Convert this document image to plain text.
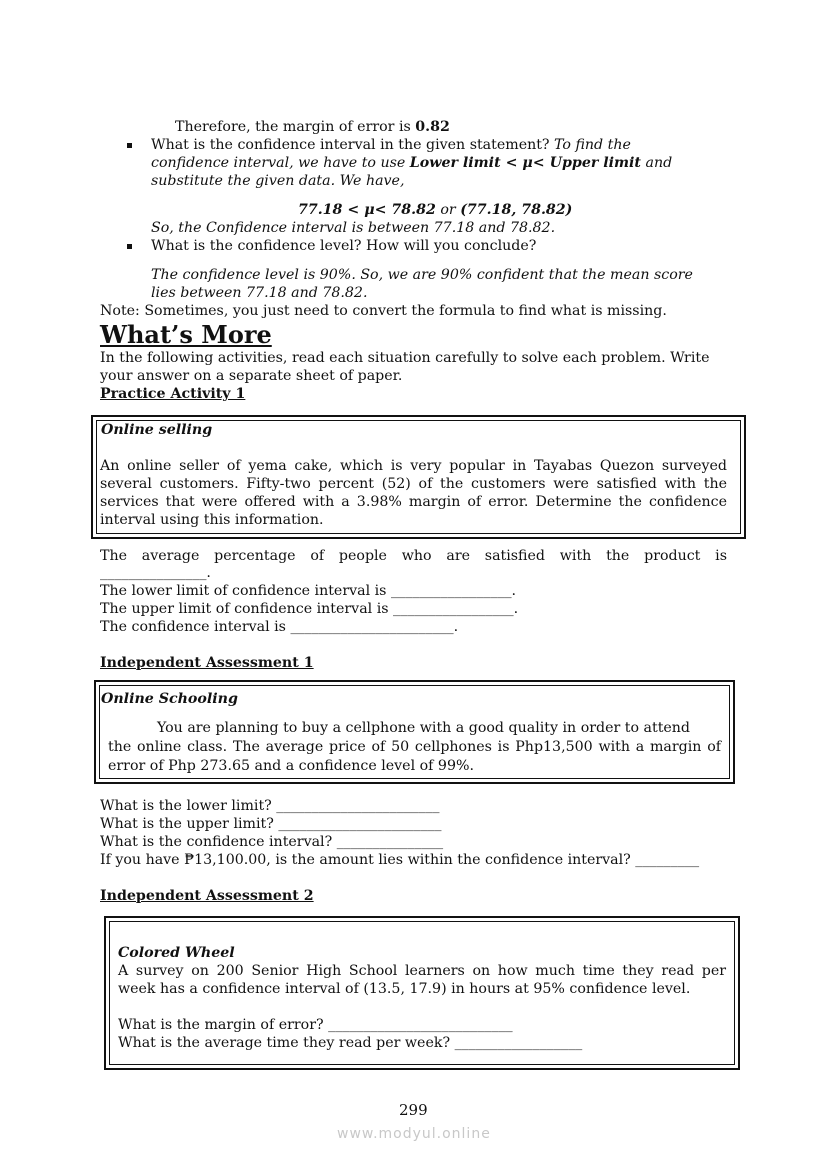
Therefore, the margin of error is 0.82
What is the confidence interval in the given statement? To find the
confidence interval, we have to use Lower limit < μ< Upper limit and
substitute the given data. We have,
77.18 < μ< 78.82 or (77.18, 78.82)
So, the Confidence interval is between 77.18 and 78.82.
What is the confidence level? How will you conclude?
The confidence level is 90%. So, we are 90% confident that the mean score
lies between 77.18 and 78.82.
Note: Sometimes, you just need to convert the formula to find what is missing.
What’s More
In the following activities, read each situation carefully to solve each problem. Write
your answer on a separate sheet of paper.
Practice Activity 1
Online selling
An online seller of yema cake, which is very popular in Tayabas Quezon surveyed
several customers. Fifty-two percent (52) of the customers were satisfied with the
services that were offered with a 3.98% margin of error. Determine the confidence
interval using this information.
The average percentage of people who are satisfied with the product is
_______________.
The lower limit of confidence interval is _________________.
The upper limit of confidence interval is _________________.
The confidence interval is _______________________.
Independent Assessment 1
Online Schooling
You are planning to buy a cellphone with a good quality in order to attend
the online class. The average price of 50 cellphones is Php13,500 with a margin of
error of Php 273.65 and a confidence level of 99%.
What is the lower limit? _______________________
What is the upper limit? _______________________
What is the confidence interval? _______________
If you have ₱13,100.00, is the amount lies within the confidence interval? _________
Independent Assessment 2
Colored Wheel
A survey on 200 Senior High School learners on how much time they read per
week has a confidence interval of (13.5, 17.9) in hours at 95% confidence level.
What is the margin of error? __________________________
What is the average time they read per week? __________________
299
www.modyul.online
